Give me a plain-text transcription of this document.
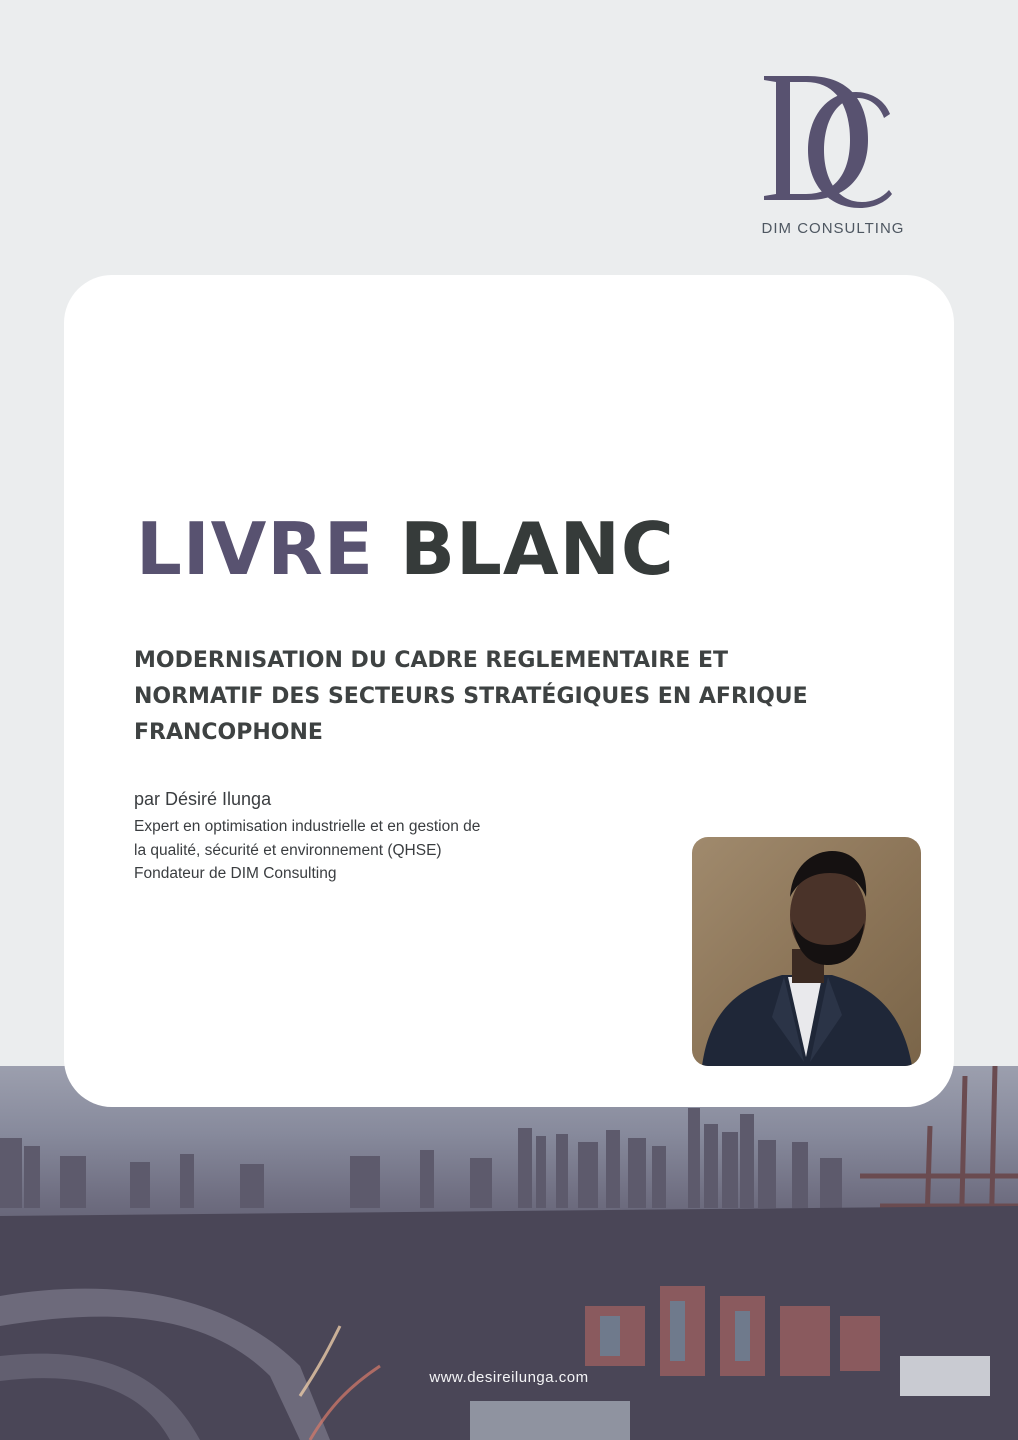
DIM CONSULTING
www.desireilunga.com
LIVRE BLANC

MODERNISATION DU CADRE REGLEMENTAIRE ET NORMATIF DES SECTEURS STRATÉGIQUES EN AFRIQUE FRANCOPHONE

par Désiré Ilunga
Expert en optimisation industrielle et en gestion de
la qualité, sécurité et environnement (QHSE)
Fondateur de DIM Consulting
